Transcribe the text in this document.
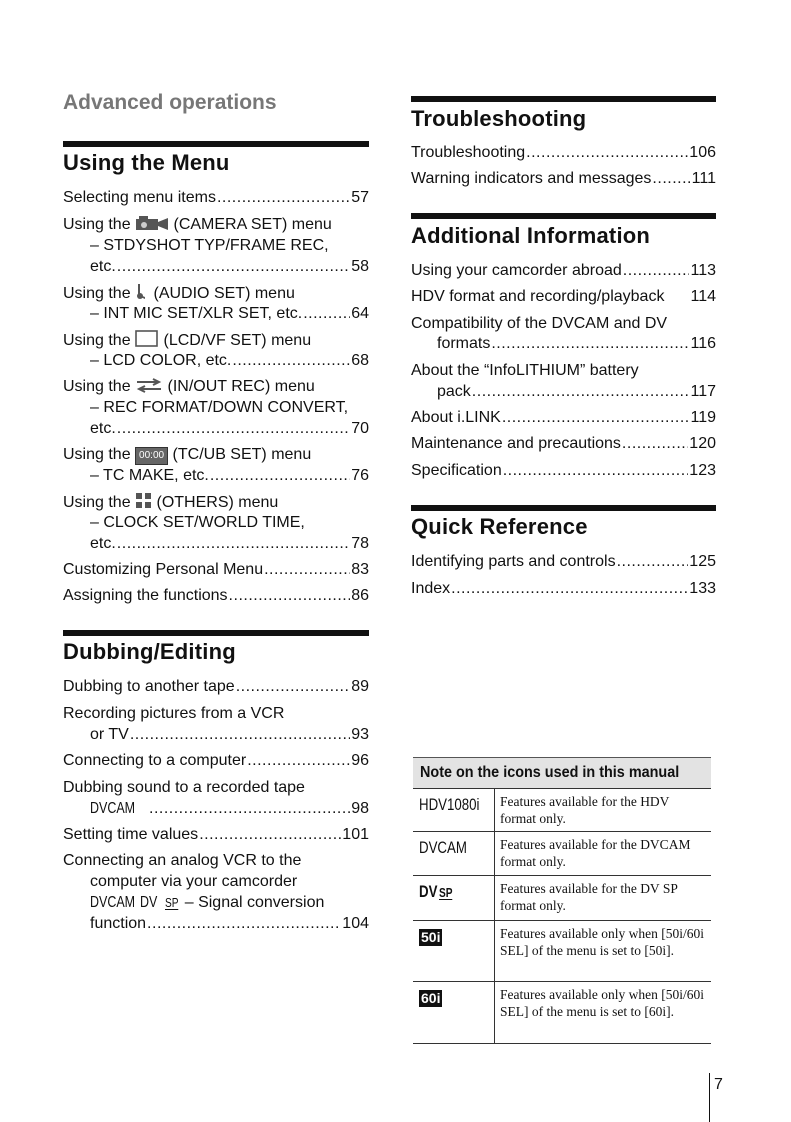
Advanced operations
Using the Menu
Selecting menu items .....	57
Using the	(CAMERA SET) menu
– STDYSHOT TYP/FRAME REC,
etc. .....	58
Using the (AUDIO SET) menu
– INT MIC SET/XLR SET, etc. .....	64
Using the (LCD/VF SET) menu
– LCD COLOR, etc. .....	68
Using the (IN/OUT REC) menu
– REC FORMAT/DOWN CONVERT,
etc. .....	70
Using the 00:00 (TC/UB SET) menu
– TC MAKE, etc. .....	76
Using the (OTHERS) menu
– CLOCK SET/WORLD TIME,
etc. .....	78
Customizing Personal Menu .....	83
Assigning the functions .....	86
Dubbing/Editing
Dubbing to another tape .....	89
Recording pictures from a VCR
or TV .....	93
Connecting to a computer .....	96
Dubbing sound to a recorded tape
DVCAM .....	98
Setting time values .....	101
Connecting an analog VCR to the
computer via your camcorder
DVCAM DV SP – Signal conversion
function .....	104
Troubleshooting
Troubleshooting .....	106
Warning indicators and messages .....	111
Additional Information
Using your camcorder abroad .....	113
HDV format and recording/playback 114
Compatibility of the DVCAM and DV
formats .....	116
About the “InfoLITHIUM” battery
pack .....	117
About i.LINK .....	119
Maintenance and precautions .....	120
Specification .....	123
Quick Reference
Identifying parts and controls .....	125
Index .....	133
Note on the icons used in this manual
HDV1080i	Features available for the HDV format only.
DVCAM	Features available for the DVCAM format only.
DV SP	Features available for the DV SP format only.
50i	Features available only when [50i/60i SEL] of the menu is set to [50i].
60i	Features available only when [50i/60i SEL] of the menu is set to [60i].
7
